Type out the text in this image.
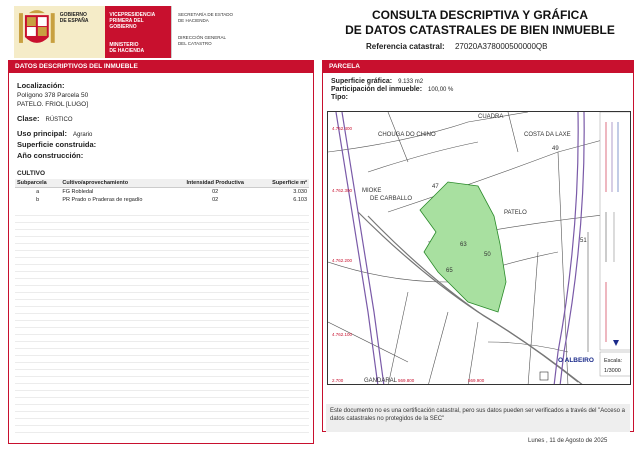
GOBIERNO
DE ESPAÑA
VICEPRESIDENCIA
PRIMERA DEL GOBIERNO
MINISTERIO
DE HACIENDA
SECRETARÍA DE ESTADO
DE HACIENDA
DIRECCIÓN GENERAL
DEL CATASTRO
CONSULTA DESCRIPTIVA Y GRÁFICA
DE DATOS CATASTRALES DE BIEN INMUEBLE
Referencia catastral: 27020A378000500000QB
DATOS DESCRIPTIVOS DEL INMUEBLE
Localización:
Polígono 378 Parcela 50
PATELO. FRIOL [LUGO]
Clase: RÚSTICO
Uso principal: Agrario
Superficie construida:
Año construcción:
CULTIVO
Subparcela	Cultivo/aprovechamiento	Intensidad Productiva	Superficie m²
a	FG Robledal	02	3.030
b	PR Prado o Praderas de regadío	02	6.103
PARCELA
Superficie gráfica: 9.133 m2
Participación del inmueble: 100,00 %
Tipo:
COSTA DA LAXE
CHOUGA DO CHINO
MIOKE
DE CARBALLO
PATELO
49
47
51
63
65
50
GANDARAL
CUADRA
4.762.400
4.762.300
4.762.200
4.762.100
2.700	569.800	569.900
O ALBEIRO Escala:
1/3000
Este documento no es una certificación catastral, pero sus datos pueden ser verificados a través del "Acceso a datos catastrales no protegidos de la SEC"
Lunes , 11 de Agosto de 2025
